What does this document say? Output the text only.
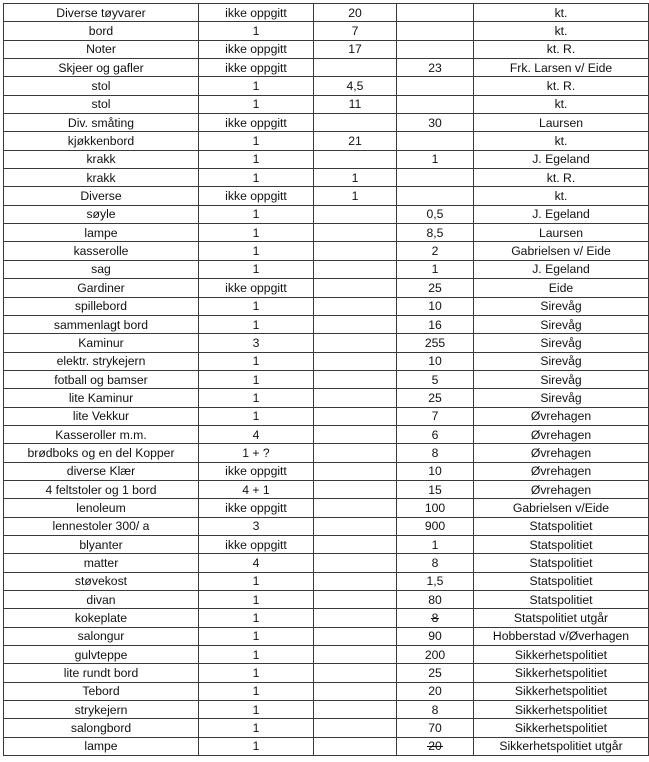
Diverse tøyvarer	ikke oppgitt	20		kt.
bord	1	7		kt.
Noter	ikke oppgitt	17		kt. R.
Skjeer og gafler	ikke oppgitt		23	Frk. Larsen v/ Eide
stol	1	4,5		kt. R.
stol	1	11		kt.
Div. småting	ikke oppgitt		30	Laursen
kjøkkenbord	1	21		kt.
krakk	1		1	J. Egeland
krakk	1	1		kt. R.
Diverse	ikke oppgitt	1		kt.
søyle	1		0,5	J. Egeland
lampe	1		8,5	Laursen
kasserolle	1		2	Gabrielsen v/ Eide
sag	1		1	J. Egeland
Gardiner	ikke oppgitt		25	Eide
spillebord	1		10	Sirevåg
sammenlagt bord	1		16	Sirevåg
Kaminur	3		255	Sirevåg
elektr. strykejern	1		10	Sirevåg
fotball og bamser	1		5	Sirevåg
lite Kaminur	1		25	Sirevåg
lite Vekkur	1		7	Øvrehagen
Kasseroller m.m.	4		6	Øvrehagen
brødboks og en del Kopper	1 + ?		8	Øvrehagen
diverse Klær	ikke oppgitt		10	Øvrehagen
4 feltstoler og 1 bord	4 + 1		15	Øvrehagen
lenoleum	ikke oppgitt		100	Gabrielsen v/Eide
lennestoler 300/ a	3		900	Statspolitiet
blyanter	ikke oppgitt		1	Statspolitiet
matter	4		8	Statspolitiet
støvekost	1		1,5	Statspolitiet
divan	1		80	Statspolitiet
kokeplate	1		8	Statspolitiet utgår
salongur	1		90	Hobberstad v/Øverhagen
gulvteppe	1		200	Sikkerhetspolitiet
lite rundt bord	1		25	Sikkerhetspolitiet
Tebord	1		20	Sikkerhetspolitiet
strykejern	1		8	Sikkerhetspolitiet
salongbord	1		70	Sikkerhetspolitiet
lampe	1		20	Sikkerhetspolitiet utgår
